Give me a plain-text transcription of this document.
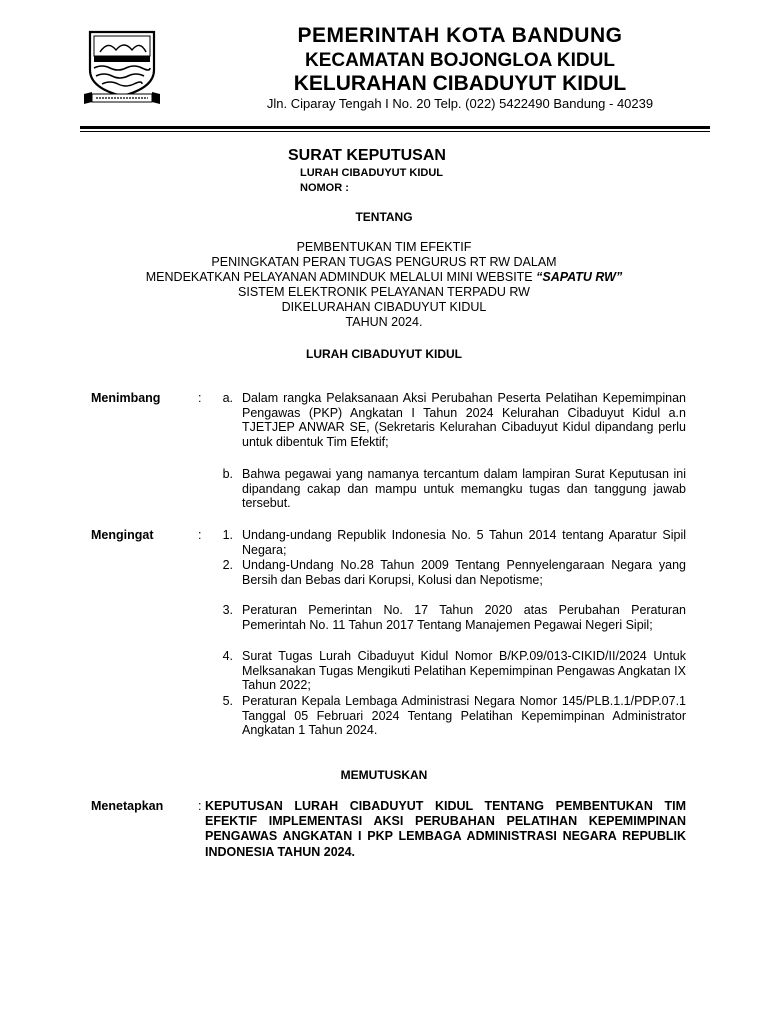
PEMERINTAH KOTA BANDUNG
KECAMATAN BOJONGLOA KIDUL
KELURAHAN CIBADUYUT KIDUL
Jln. Ciparay Tengah I No. 20 Telp. (022) 5422490 Bandung - 40239
SURAT KEPUTUSAN
LURAH CIBADUYUT KIDUL
NOMOR :
TENTANG
PEMBENTUKAN TIM EFEKTIF
PENINGKATAN PERAN TUGAS PENGURUS RT RW DALAM
MENDEKATKAN PELAYANAN ADMINDUK MELALUI MINI WEBSITE “SAPATU RW”
SISTEM ELEKTRONIK PELAYANAN TERPADU RW
DIKELURAHAN CIBADUYUT KIDUL
TAHUN 2024.
LURAH CIBADUYUT KIDUL
Menimbang	:	a. Dalam rangka Pelaksanaan Aksi Perubahan Peserta Pelatihan Kepemimpinan Pengawas (PKP) Angkatan I Tahun 2024 Kelurahan Cibaduyut Kidul a.n TJETJEP ANWAR SE, (Sekretaris Kelurahan Cibaduyut Kidul dipandang perlu untuk dibentuk Tim Efektif;
b. Bahwa pegawai yang namanya tercantum dalam lampiran Surat Keputusan ini dipandang cakap dan mampu untuk memangku tugas dan tanggung jawab tersebut.
Mengingat	:	1. Undang-undang Republik Indonesia No. 5 Tahun 2014 tentang Aparatur Sipil Negara;
2. Undang-Undang No.28 Tahun 2009 Tentang Pennyelengaraan Negara yang Bersih dan Bebas dari Korupsi, Kolusi dan Nepotisme;
3. Peraturan Pemerintan No. 17 Tahun 2020 atas Perubahan Peraturan Pemerintah No. 11 Tahun 2017 Tentang Manajemen Pegawai Negeri Sipil;
4. Surat Tugas Lurah Cibaduyut Kidul Nomor B/KP.09/013-CIKID/II/2024 Untuk Melksanakan Tugas Mengikuti Pelatihan Kepemimpinan Pengawas Angkatan IX Tahun 2022;
5. Peraturan Kepala Lembaga Administrasi Negara Nomor 145/PLB.1.1/PDP.07.1 Tanggal 05 Februari 2024 Tentang Pelatihan Kepemimpinan Administrator Angkatan 1 Tahun 2024.
MEMUTUSKAN
Menetapkan	: KEPUTUSAN LURAH CIBADUYUT KIDUL TENTANG PEMBENTUKAN TIM EFEKTIF IMPLEMENTASI AKSI PERUBAHAN PELATIHAN KEPEMIMPINAN PENGAWAS ANGKATAN I PKP LEMBAGA ADMINISTRASI NEGARA REPUBLIK INDONESIA TAHUN 2024.
